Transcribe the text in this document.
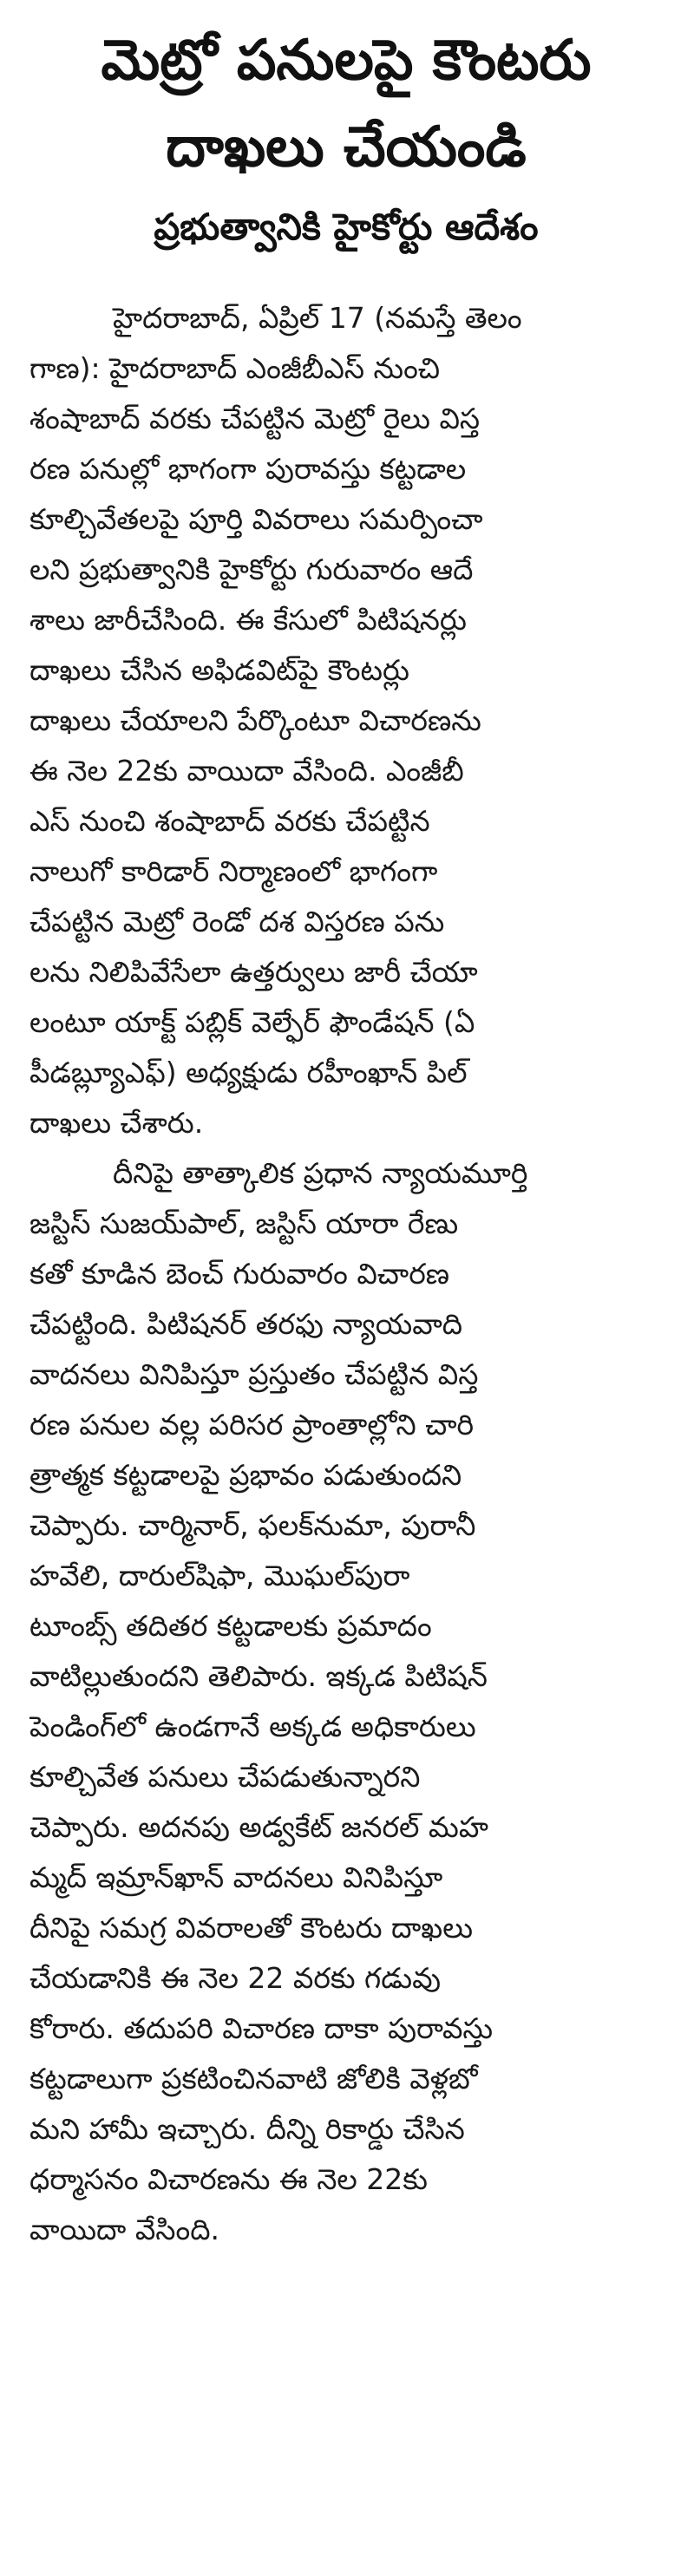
మెట్రో పనులపై కౌంటరు
దాఖలు చేయండి
ప్రభుత్వానికి హైకోర్టు ఆదేశం

హైదరాబాద్, ఏప్రిల్ 17 (నమస్తే తెలం
గాణ): హైదరాబాద్ ఎంజీబీఎస్ నుంచి
శంషాబాద్ వరకు చేపట్టిన మెట్రో రైలు విస్త
రణ పనుల్లో భాగంగా పురావస్తు కట్టడాల
కూల్చివేతలపై పూర్తి వివరాలు సమర్పించా
లని ప్రభుత్వానికి హైకోర్టు గురువారం ఆదే
శాలు జారీచేసింది. ఈ కేసులో పిటిషనర్లు
దాఖలు చేసిన అఫిడవిట్‌పై కౌంటర్లు
దాఖలు చేయాలని పేర్కొంటూ విచారణను
ఈ నెల 22కు వాయిదా వేసింది. ఎంజీబీ
ఎస్ నుంచి శంషాబాద్ వరకు చేపట్టిన
నాలుగో కారిడార్ నిర్మాణంలో భాగంగా
చేపట్టిన మెట్రో రెండో దశ విస్తరణ పను
లను నిలిపివేసేలా ఉత్తర్వులు జారీ చేయా
లంటూ యాక్ట్ పబ్లిక్ వెల్ఫేర్ ఫౌండేషన్ (ఏ
పీడబ్ల్యూఎఫ్) అధ్యక్షుడు రహీంఖాన్ పిల్
దాఖలు చేశారు.

దీనిపై తాత్కాలిక ప్రధాన న్యాయమూర్తి
జస్టిస్ సుజయ్‌పాల్, జస్టిస్ యారా రేణు
కతో కూడిన బెంచ్ గురువారం విచారణ
చేపట్టింది. పిటిషనర్ తరఫు న్యాయవాది
వాదనలు వినిపిస్తూ ప్రస్తుతం చేపట్టిన విస్త
రణ పనుల వల్ల పరిసర ప్రాంతాల్లోని చారి
త్రాత్మక కట్టడాలపై ప్రభావం పడుతుందని
చెప్పారు. చార్మినార్, ఫలక్‌నుమా, పురానీ
హవేలి, దారుల్‌షిఫా, మొఘల్‌పురా
టూంబ్స్ తదితర కట్టడాలకు ప్రమాదం
వాటిల్లుతుందని తెలిపారు. ఇక్కడ పిటిషన్
పెండింగ్‌లో ఉండగానే అక్కడ అధికారులు
కూల్చివేత పనులు చేపడుతున్నారని
చెప్పారు. అదనపు అడ్వకేట్ జనరల్ మహ
మ్మద్ ఇమ్రాన్‌ఖాన్ వాదనలు వినిపిస్తూ
దీనిపై సమగ్ర వివరాలతో కౌంటరు దాఖలు
చేయడానికి ఈ నెల 22 వరకు గడువు
కోరారు. తదుపరి విచారణ దాకా పురావస్తు
కట్టడాలుగా ప్రకటించినవాటి జోలికి వెళ్లబో
మని హామీ ఇచ్చారు. దీన్ని రికార్డు చేసిన
ధర్మాసనం విచారణను ఈ నెల 22కు
వాయిదా వేసింది.
